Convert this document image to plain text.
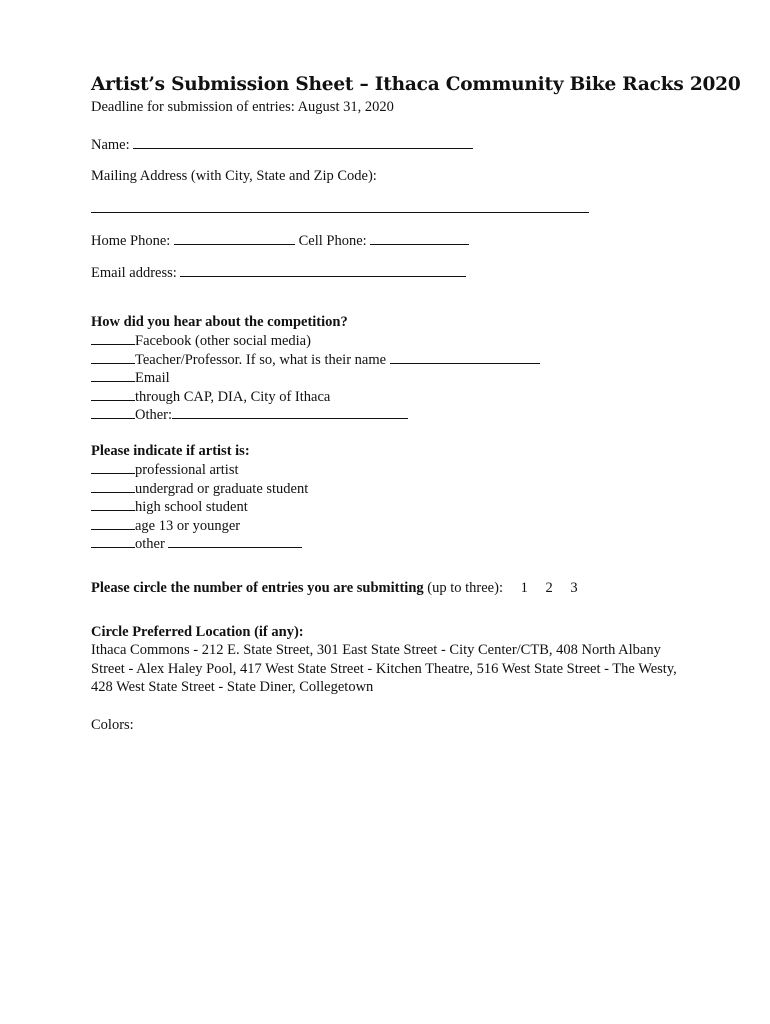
Artist’s Submission Sheet – Ithaca Community Bike Racks 2020
Deadline for submission of entries: August 31, 2020
Name:
Mailing Address (with City, State and Zip Code):
Home Phone:	Cell Phone:
Email address:
How did you hear about the competition?
Facebook (other social media)
Teacher/Professor. If so, what is their name
Email
through CAP, DIA, City of Ithaca
Other:
Please indicate if artist is:
professional artist
undergrad or graduate student
high school student
age 13 or younger
other
Please circle the number of entries you are submitting (up to three): 1 2 3
Circle Preferred Location (if any):
Ithaca Commons - 212 E. State Street, 301 East State Street - City Center/CTB, 408 North Albany Street - Alex Haley Pool, 417 West State Street - Kitchen Theatre, 516 West State Street - The Westy, 428 West State Street - State Diner, Collegetown
Colors:
